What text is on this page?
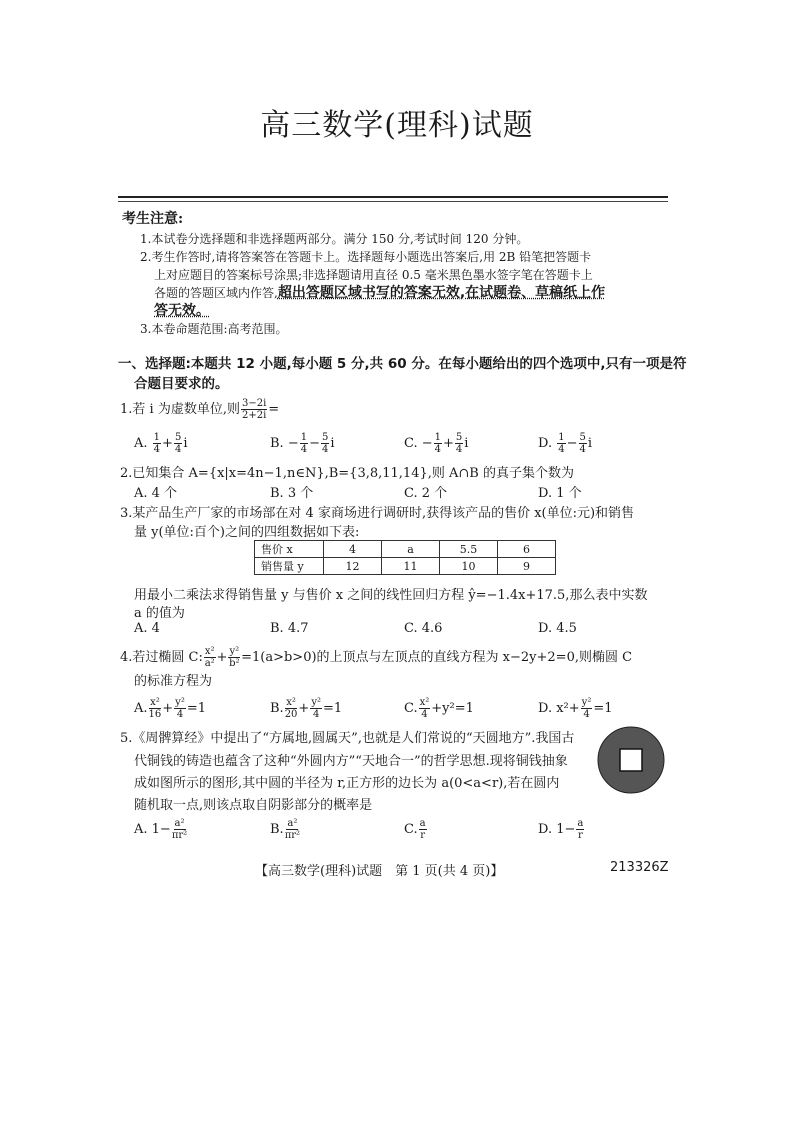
高三数学(理科)试题
考生注意:
1.本试卷分选择题和非选择题两部分。满分 150 分,考试时间 120 分钟。
2.考生作答时,请将答案答在答题卡上。选择题每小题选出答案后,用 2B 铅笔把答题卡
上对应题目的答案标号涂黑;非选择题请用直径 0.5 毫米黑色墨水签字笔在答题卡上
各题的答题区域内作答,超出答题区域书写的答案无效,在试题卷、草稿纸上作
答无效。
3.本卷命题范围:高考范围。
一、选择题:本题共 12 小题,每小题 5 分,共 60 分。在每小题给出的四个选项中,只有一项是符
合题目要求的。
1.若 i 为虚数单位,则 $\frac{3-2i}{2+2i}$ =
A. $\frac{1}{4} + \frac{5}{4}$ i	B. − $\frac{1}{4} - \frac{5}{4}$ i	C. − $\frac{1}{4} + \frac{5}{4}$ i	D. $\frac{1}{4} - \frac{5}{4}$ i
2.已知集合 A={x|x=4n−1,n∈N},B={3,8,11,14},则 A∩B 的真子集个数为
A. 4 个	B. 3 个	C. 2 个	D. 1 个
3.某产品生产厂家的市场部在对 4 家商场进行调研时,获得该产品的售价 x(单位:元)和销售
量 y(单位:百个)之间的四组数据如下表:
售价 x	4	a	5.5	6
销售量 y	12	11	10	9
用最小二乘法求得销售量 y 与售价 x 之间的线性回归方程 ŷ=−1.4x+17.5,那么表中实数
a 的值为
A. 4	B. 4.7	C. 4.6	D. 4.5
4.若过椭圆 C: $\frac{\text{x²}}{\text{a²}} + \frac{\text{y²}}{\text{b²}} =1(a>b>0)$的上顶点与左顶点的直线方程为 x−2y+2=0,则椭圆 C
的标准方程为
A. $\frac{\text{x²}}{16} + \frac{\text{y²}}{4} =1$	B. $\frac{\text{x²}}{20} + \frac{\text{y²}}{4} =1$	C. $\frac{\text{x²}}{4} +y^2=1$	D. $x^2+ \frac{\text{y²}}{4} =1$
5.《周髀算经》中提出了“方属地,圆属天”,也就是人们常说的“天圆地方”.我国古
代铜钱的铸造也蕴含了这种“外圆内方”“天地合一”的哲学思想.现将铜钱抽象
成如图所示的图形,其中圆的半径为 r,正方形的边长为 a(0<a<r),若在圆内
随机取一点,则该点取自阴影部分的概率是
A. $1- \frac{\text{a²}}{\text{πr²}}$	B. $\frac{\text{a²}}{\text{πr²}}$	C. $\frac{a}{r}$	D. $1- \frac{a}{r}$
【高三数学(理科)试题　第 1 页(共 4 页)】	213326Z
